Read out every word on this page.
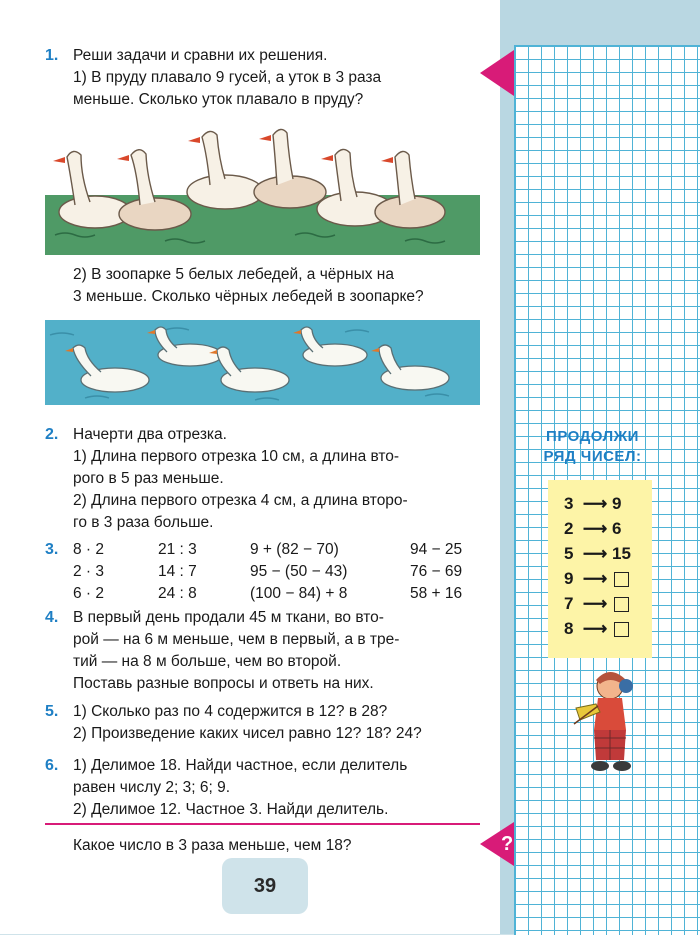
1. Реши задачи и сравни их решения.
1) В пруду плавало 9 гусей, а уток в 3 раза
меньше. Сколько уток плавало в пруду?
2) В зоопарке 5 белых лебедей, а чёрных на
3 меньше. Сколько чёрных лебедей в зоопарке?
2. Начерти два отрезка.
1) Длина первого отрезка 10 см, а длина вто-
рого в 5 раз меньше.
2) Длина первого отрезка 4 см, а длина второ-
го в 3 раза больше.
3. 8 · 2
2 · 3
6 · 2
21 : 3
14 : 7
24 : 8
9 + (82 − 70)
95 − (50 − 43)
(100 − 84) + 8
94 − 25
76 − 69
58 + 16
4. В первый день продали 45 м ткани, во вто-
рой — на 6 м меньше, чем в первый, а в тре-
тий — на 8 м больше, чем во второй.
Поставь разные вопросы и ответь на них.
5. 1) Сколько раз по 4 содержится в 12? в 28?
2) Произведение каких чисел равно 12? 18? 24?
6. 1) Делимое 18. Найди частное, если делитель
равен числу 2; 3; 6; 9.
2) Делимое 12. Частное 3. Найди делитель.
?
Какое число в 3 раза меньше, чем 18?
39
ПРОДОЛЖИ
РЯД ЧИСЕЛ:
3 ⟶ 9
2 ⟶ 6
5 ⟶ 15
9 ⟶
7 ⟶
8 ⟶
